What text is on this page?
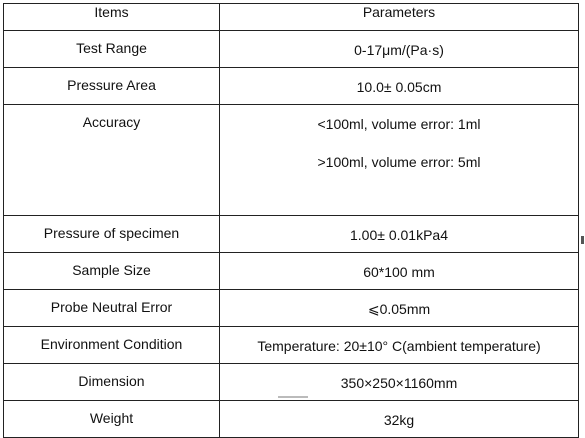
Items	Parameters

Test Range	0-17μm/(Pa·s)

Pressure Area	10.0± 0.05cm

Accuracy	<100ml, volume error: 1ml
>100ml, volume error: 5ml

Pressure of specimen	1.00± 0.01kPa4

Sample Size	60*100 mm

Probe Neutral Error	⩽0.05mm

Environment Condition	Temperature: 20±10° C(ambient temperature)

Dimension	350×250×1160mm

Weight	32kg
